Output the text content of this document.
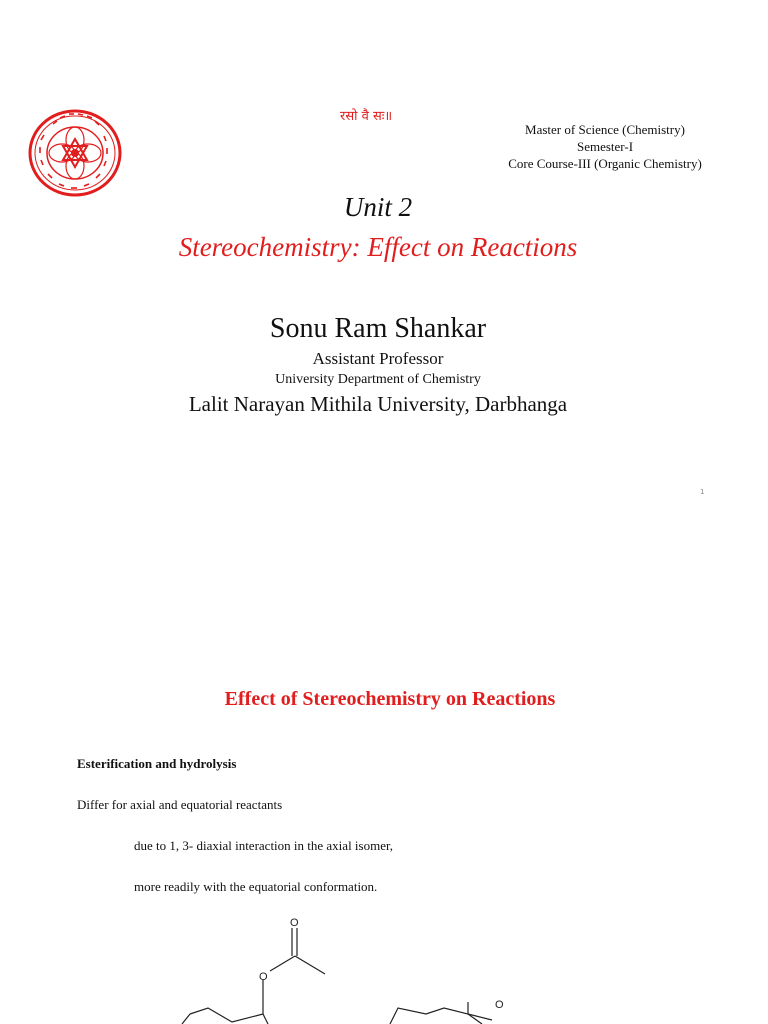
रसो वै सः॥
Master of Science (Chemistry)
Semester-I
Core Course-III (Organic Chemistry)
Unit 2
Stereochemistry: Effect on Reactions
Sonu Ram Shankar
Assistant Professor
University Department of Chemistry
Lalit Narayan Mithila University, Darbhanga
1
Effect of Stereochemistry on Reactions
Esterification and hydrolysis
Differ for axial and equatorial reactants
due to 1, 3- diaxial interaction in the axial isomer,
more readily with the equatorial conformation.
O
O
O
